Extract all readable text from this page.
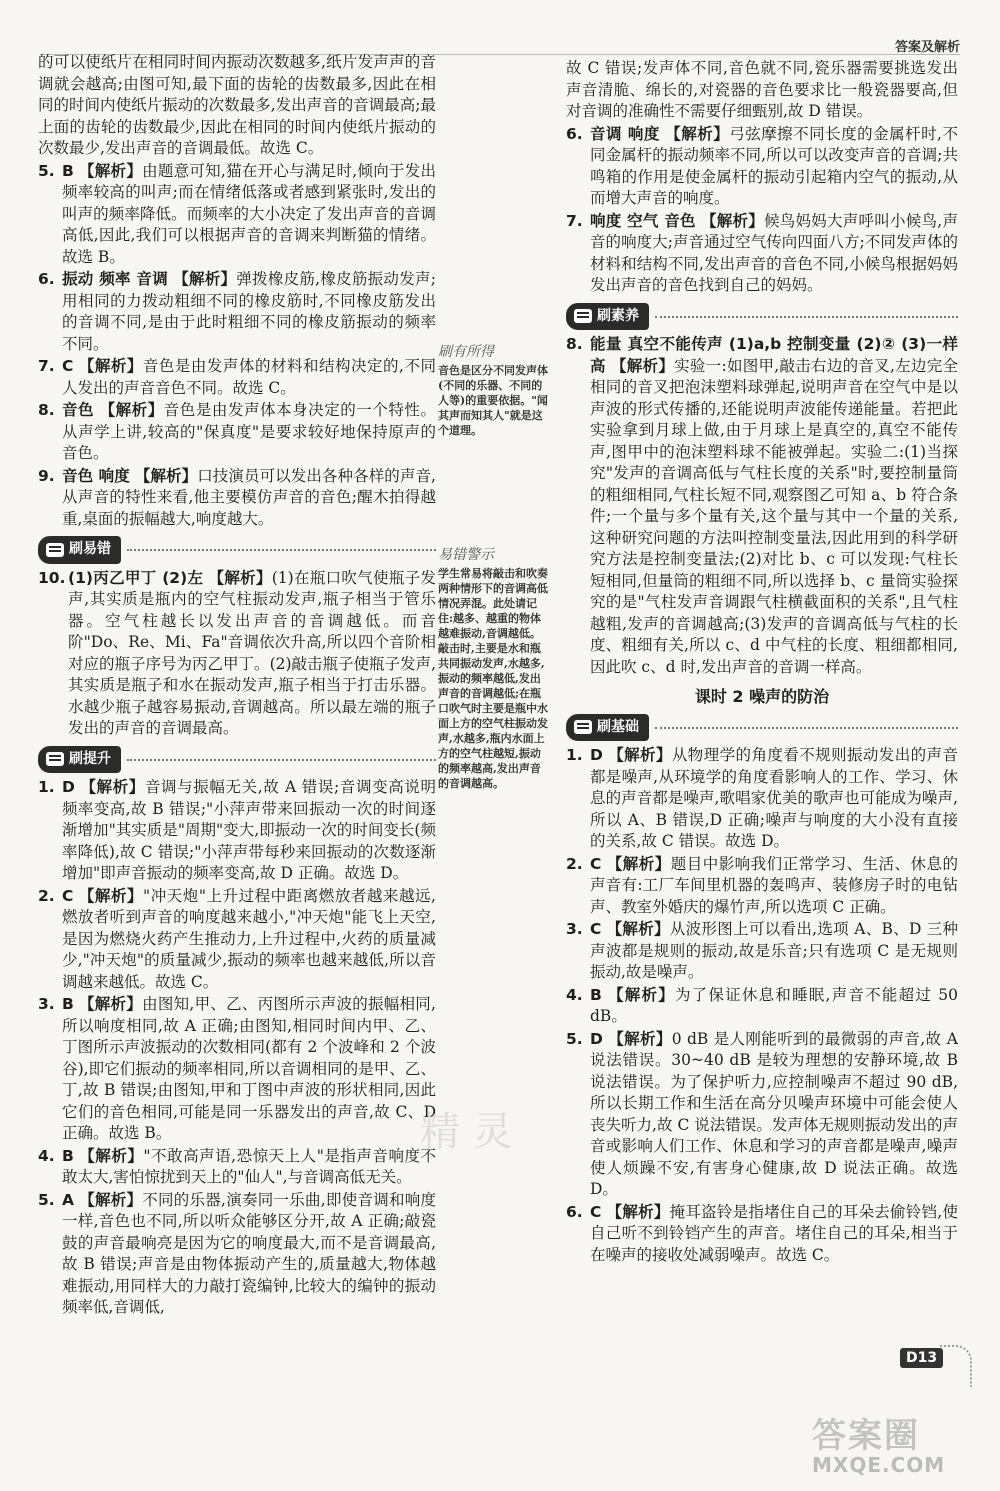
答案及解析

的可以使纸片在相同时间内振动次数越多,纸片发声声的音调就会越高;由图可知,最下面的齿轮的齿数最多,因此在相同的时间内使纸片振动的次数最多,发出声音的音调最高;最上面的齿轮的齿数最少,因此在相同的时间内使纸片振动的次数最少,发出声音的音调最低。故选 C。

5. B 【解析】由题意可知,猫在开心与满足时,倾向于发出频率较高的叫声;而在情绪低落或者感到紧张时,发出的叫声的频率降低。而频率的大小决定了发出声音的音调高低,因此,我们可以根据声音的音调来判断猫的情绪。故选 B。
6. 振动 频率 音调 【解析】弹拨橡皮筋,橡皮筋振动发声;用相同的力拨动粗细不同的橡皮筋时,不同橡皮筋发出的音调不同,是由于此时粗细不同的橡皮筋振动的频率不同。
7. C 【解析】音色是由发声体的材料和结构决定的,不同人发出的声音音色不同。故选 C。
8. 音色 【解析】音色是由发声体本身决定的一个特性。从声学上讲,较高的"保真度"是要求较好地保持原声的音色。
9. 音色 响度 【解析】口技演员可以发出各种各样的声音,从声音的特性来看,他主要模仿声音的音色;醒木拍得越重,桌面的振幅越大,响度越大。
刷易错
10. (1)丙乙甲丁 (2)左 【解析】(1)在瓶口吹气使瓶子发声,其实质是瓶内的空气柱振动发声,瓶子相当于管乐器。空气柱越长以发出声音的音调越低。而音阶"Do、Re、Mi、Fa"音调依次升高,所以四个音阶相对应的瓶子序号为丙乙甲丁。(2)敲击瓶子使瓶子发声,其实质是瓶子和水在振动发声,瓶子相当于打击乐器。水越少瓶子越容易振动,音调越高。所以最左端的瓶子发出的声音的音调最高。
刷提升
1. D 【解析】音调与振幅无关,故 A 错误;音调变高说明频率变高,故 B 错误;"小萍声带来回振动一次的时间逐渐增加"其实质是"周期"变大,即振动一次的时间变长(频率降低),故 C 错误;"小萍声带每秒来回振动的次数逐渐增加"即声音振动的频率变高,故 D 正确。故选 D。
2. C 【解析】"冲天炮"上升过程中距离燃放者越来越远,燃放者听到声音的响度越来越小,"冲天炮"能飞上天空,是因为燃烧火药产生推动力,上升过程中,火药的质量减少,"冲天炮"的质量减少,振动的频率也越来越低,所以音调越来越低。故选 C。
3. B 【解析】由图知,甲、乙、丙图所示声波的振幅相同,所以响度相同,故 A 正确;由图知,相同时间内甲、乙、丁图所示声波振动的次数相同(都有 2 个波峰和 2 个波谷),即它们振动的频率相同,所以音调相同的是甲、乙、丁,故 B 错误;由图知,甲和丁图中声波的形状相同,因此它们的音色相同,可能是同一乐器发出的声音,故 C、D 正确。故选 B。
4. B 【解析】"不敢高声语,恐惊天上人"是指声音响度不敢太大,害怕惊扰到天上的"仙人",与音调高低无关。
5. A 【解析】不同的乐器,演奏同一乐曲,即使音调和响度一样,音色也不同,所以听众能够区分开,故 A 正确;敲瓷鼓的声音最响亮是因为它的响度最大,而不是音调最高,故 B 错误;声音是由物体振动产生的,质量越大,物体越难振动,用同样大的力敲打瓷编钟,比较大的编钟的振动频率低,音调低,
刷有所得
音色是区分不同发声体(不同的乐器、不同的人等)的重要依据。"闻其声而知其人"就是这个道理。
易错警示
学生常易将敲击和吹奏两种情形下的音调高低情况弄混。此处请记住:越多、越重的物体越难振动,音调越低。敲击时,主要是水和瓶共同振动发声,水越多,振动的频率越低,发出声音的音调越低;在瓶口吹气时主要是瓶中水面上方的空气柱振动发声,水越多,瓶内水面上方的空气柱越短,振动的频率越高,发出声音的音调越高。

故 C 错误;发声体不同,音色就不同,瓷乐器需要挑选发出声音清脆、绵长的,对瓷器的音色要求比一般瓷器要高,但对音调的准确性不需要仔细甄别,故 D 错误。

6. 音调 响度 【解析】弓弦摩擦不同长度的金属杆时,不同金属杆的振动频率不同,所以可以改变声音的音调;共鸣箱的作用是使金属杆的振动引起箱内空气的振动,从而增大声音的响度。
7. 响度 空气 音色 【解析】候鸟妈妈大声呼叫小候鸟,声音的响度大;声音通过空气传向四面八方;不同发声体的材料和结构不同,发出声音的音色不同,小候鸟根据妈妈发出声音的音色找到自己的妈妈。
刷素养
8. 能量 真空不能传声 (1)a,b 控制变量 (2)② (3)一样高 【解析】实验一:如图甲,敲击右边的音叉,左边完全相同的音叉把泡沫塑料球弹起,说明声音在空气中是以声波的形式传播的,还能说明声波能传递能量。若把此实验拿到月球上做,由于月球上是真空的,真空不能传声,图甲中的泡沫塑料球不能被弹起。实验二:(1)当探究"发声的音调高低与气柱长度的关系"时,要控制量筒的粗细相同,气柱长短不同,观察图乙可知 a、b 符合条件;一个量与多个量有关,这个量与其中一个量的关系,这种研究问题的方法叫控制变量法,因此用到的科学研究方法是控制变量法;(2)对比 b、c 可以发现:气柱长短相同,但量筒的粗细不同,所以选择 b、c 量筒实验探究的是"气柱发声音调跟气柱横截面积的关系",且气柱越粗,发声的音调越高;(3)发声的音调高低与气柱的长度、粗细有关,所以 c、d 中气柱的长度、粗细都相同,因此吹 c、d 时,发出声音的音调一样高。
课时 2 噪声的防治
刷基础
1. D 【解析】从物理学的角度看不规则振动发出的声音都是噪声,从环境学的角度看影响人的工作、学习、休息的声音都是噪声,歌唱家优美的歌声也可能成为噪声,所以 A、B 错误,D 正确;噪声与响度的大小没有直接的关系,故 C 错误。故选 D。
2. C 【解析】题目中影响我们正常学习、生活、休息的声音有:工厂车间里机器的轰鸣声、装修房子时的电钻声、教室外婚庆的爆竹声,所以选项 C 正确。
3. C 【解析】从波形图上可以看出,选项 A、B、D 三种声波都是规则的振动,故是乐音;只有选项 C 是无规则振动,故是噪声。
4. B 【解析】为了保证休息和睡眠,声音不能超过 50 dB。
5. D 【解析】0 dB 是人刚能听到的最微弱的声音,故 A 说法错误。30~40 dB 是较为理想的安静环境,故 B 说法错误。为了保护听力,应控制噪声不超过 90 dB,所以长期工作和生活在高分贝噪声环境中可能会使人丧失听力,故 C 说法错误。发声体无规则振动发出的声音或影响人们工作、休息和学习的声音都是噪声,噪声使人烦躁不安,有害身心健康,故 D 说法正确。故选 D。
6. C 【解析】掩耳盗铃是指堵住自己的耳朵去偷铃铛,使自己听不到铃铛产生的声音。堵住自己的耳朵,相当于在噪声的接收处减弱噪声。故选 C。
精 灵
D13
答案圈
MXQE.COM
